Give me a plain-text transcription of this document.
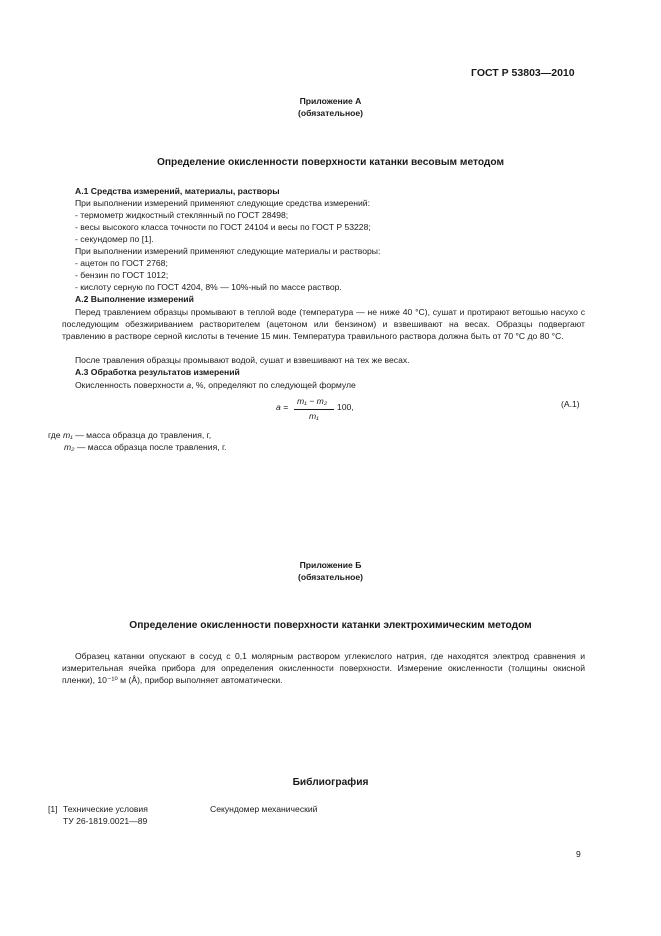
ГОСТ Р 53803—2010
Приложение А
(обязательное)
Определение окисленности поверхности катанки весовым методом
А.1 Средства измерений, материалы, растворы
При выполнении измерений применяют следующие средства измерений:
- термометр жидкостный стеклянный по ГОСТ 28498;
- весы высокого класса точности по ГОСТ 24104 и весы по ГОСТ Р 53228;
- секундомер по [1].
При выполнении измерений применяют следующие материалы и растворы:
- ацетон по ГОСТ 2768;
- бензин по ГОСТ 1012;
- кислоту серную по ГОСТ 4204, 8% — 10%-ный по массе раствор.
А.2 Выполнение измерений
Перед травлением образцы промывают в теплой воде (температура — не ниже 40 °С), сушат и протирают ветошью насухо с последующим обезжириванием растворителем (ацетоном или бензином) и взвешивают на весах. Образцы подвергают травлению в растворе серной кислоты в течение 15 мин. Температура травильного раствора должна быть от 70 °С до 80 °С.
После травления образцы промывают водой, сушат и взвешивают на тех же весах.
А.3 Обработка результатов измерений
Окисленность поверхности а, %, определяют по следующей формуле
a =
m₁ − m₂
m₁
100,	(А.1)
где m₁ — масса образца до травления, г,
m₂ — масса образца после травления, г.
Приложение Б
(обязательное)
Определение окисленности поверхности катанки электрохимическим методом
Образец катанки опускают в сосуд с 0,1 молярным раствором углекислого натрия, где находятся электрод сравнения и измерительная ячейка прибора для определения окисленности поверхности. Измерение окисленности (толщины окисной пленки), 10⁻¹⁰ м (Å), прибор выполняет автоматически.
Библиография
[1] Технические условия
ТУ 26-1819.0021—89
Секундомер механический
9
